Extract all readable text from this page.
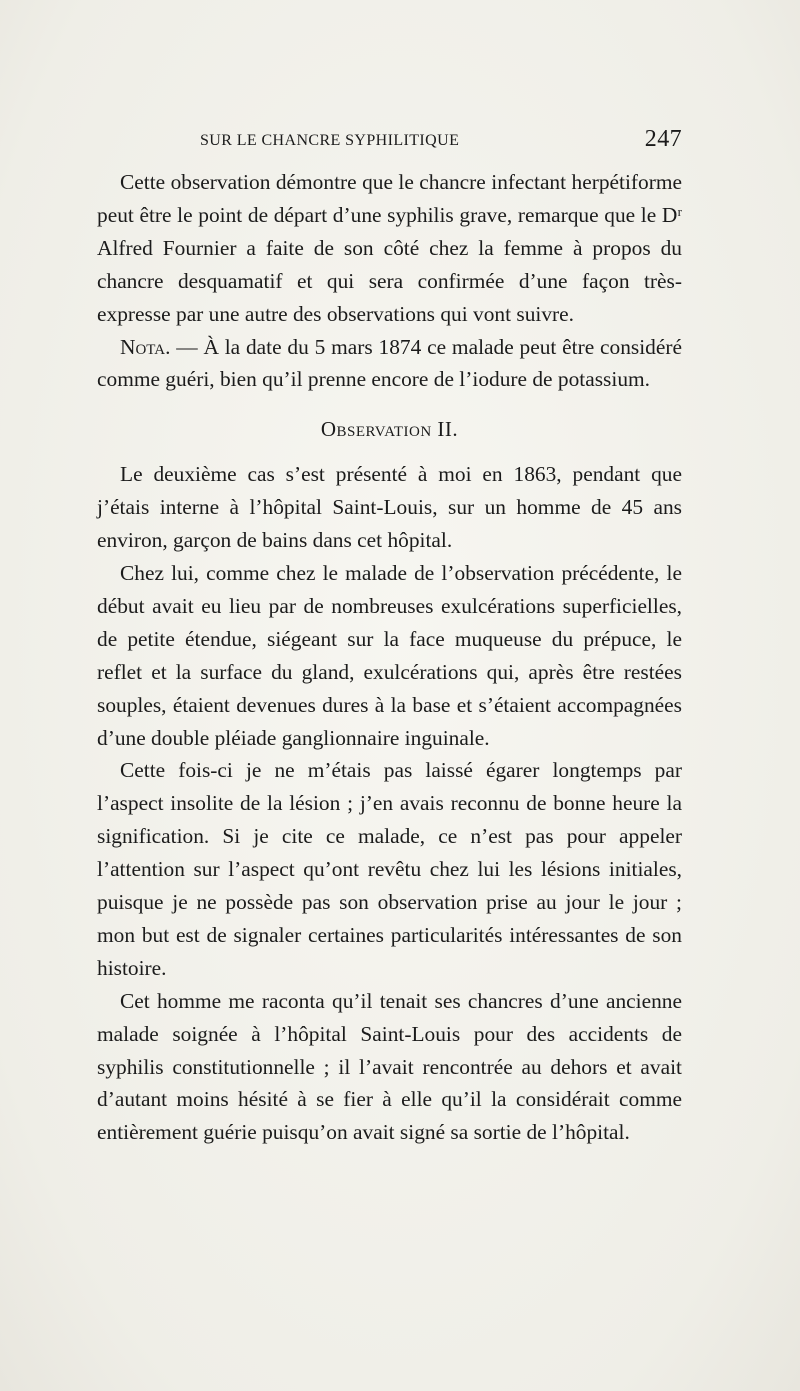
SUR LE CHANCRE SYPHILITIQUE	247

Cette observation démontre que le chancre infectant herpétiforme peut être le point de départ d’une syphilis grave, remarque que le Dʳ Alfred Fournier a faite de son côté chez la femme à propos du chancre desquamatif et qui sera confirmée d’une façon très-expresse par une autre des observations qui vont suivre.

Nota. — À la date du 5 mars 1874 ce malade peut être considéré comme guéri, bien qu’il prenne encore de l’iodure de potassium.

Observation II.

Le deuxième cas s’est présenté à moi en 1863, pendant que j’étais interne à l’hôpital Saint-Louis, sur un homme de 45 ans environ, garçon de bains dans cet hôpital.

Chez lui, comme chez le malade de l’observation précédente, le début avait eu lieu par de nombreuses exulcérations superficielles, de petite étendue, siégeant sur la face muqueuse du prépuce, le reflet et la surface du gland, exulcérations qui, après être restées souples, étaient devenues dures à la base et s’étaient accompagnées d’une double pléiade ganglionnaire inguinale.

Cette fois-ci je ne m’étais pas laissé égarer longtemps par l’aspect insolite de la lésion ; j’en avais reconnu de bonne heure la signification. Si je cite ce malade, ce n’est pas pour appeler l’attention sur l’aspect qu’ont revêtu chez lui les lésions initiales, puisque je ne possède pas son observation prise au jour le jour ; mon but est de signaler certaines particularités intéressantes de son histoire.

Cet homme me raconta qu’il tenait ses chancres d’une ancienne malade soignée à l’hôpital Saint-Louis pour des accidents de syphilis constitutionnelle ; il l’avait rencontrée au dehors et avait d’autant moins hésité à se fier à elle qu’il la considérait comme entièrement guérie puisqu’on avait signé sa sortie de l’hôpital.
